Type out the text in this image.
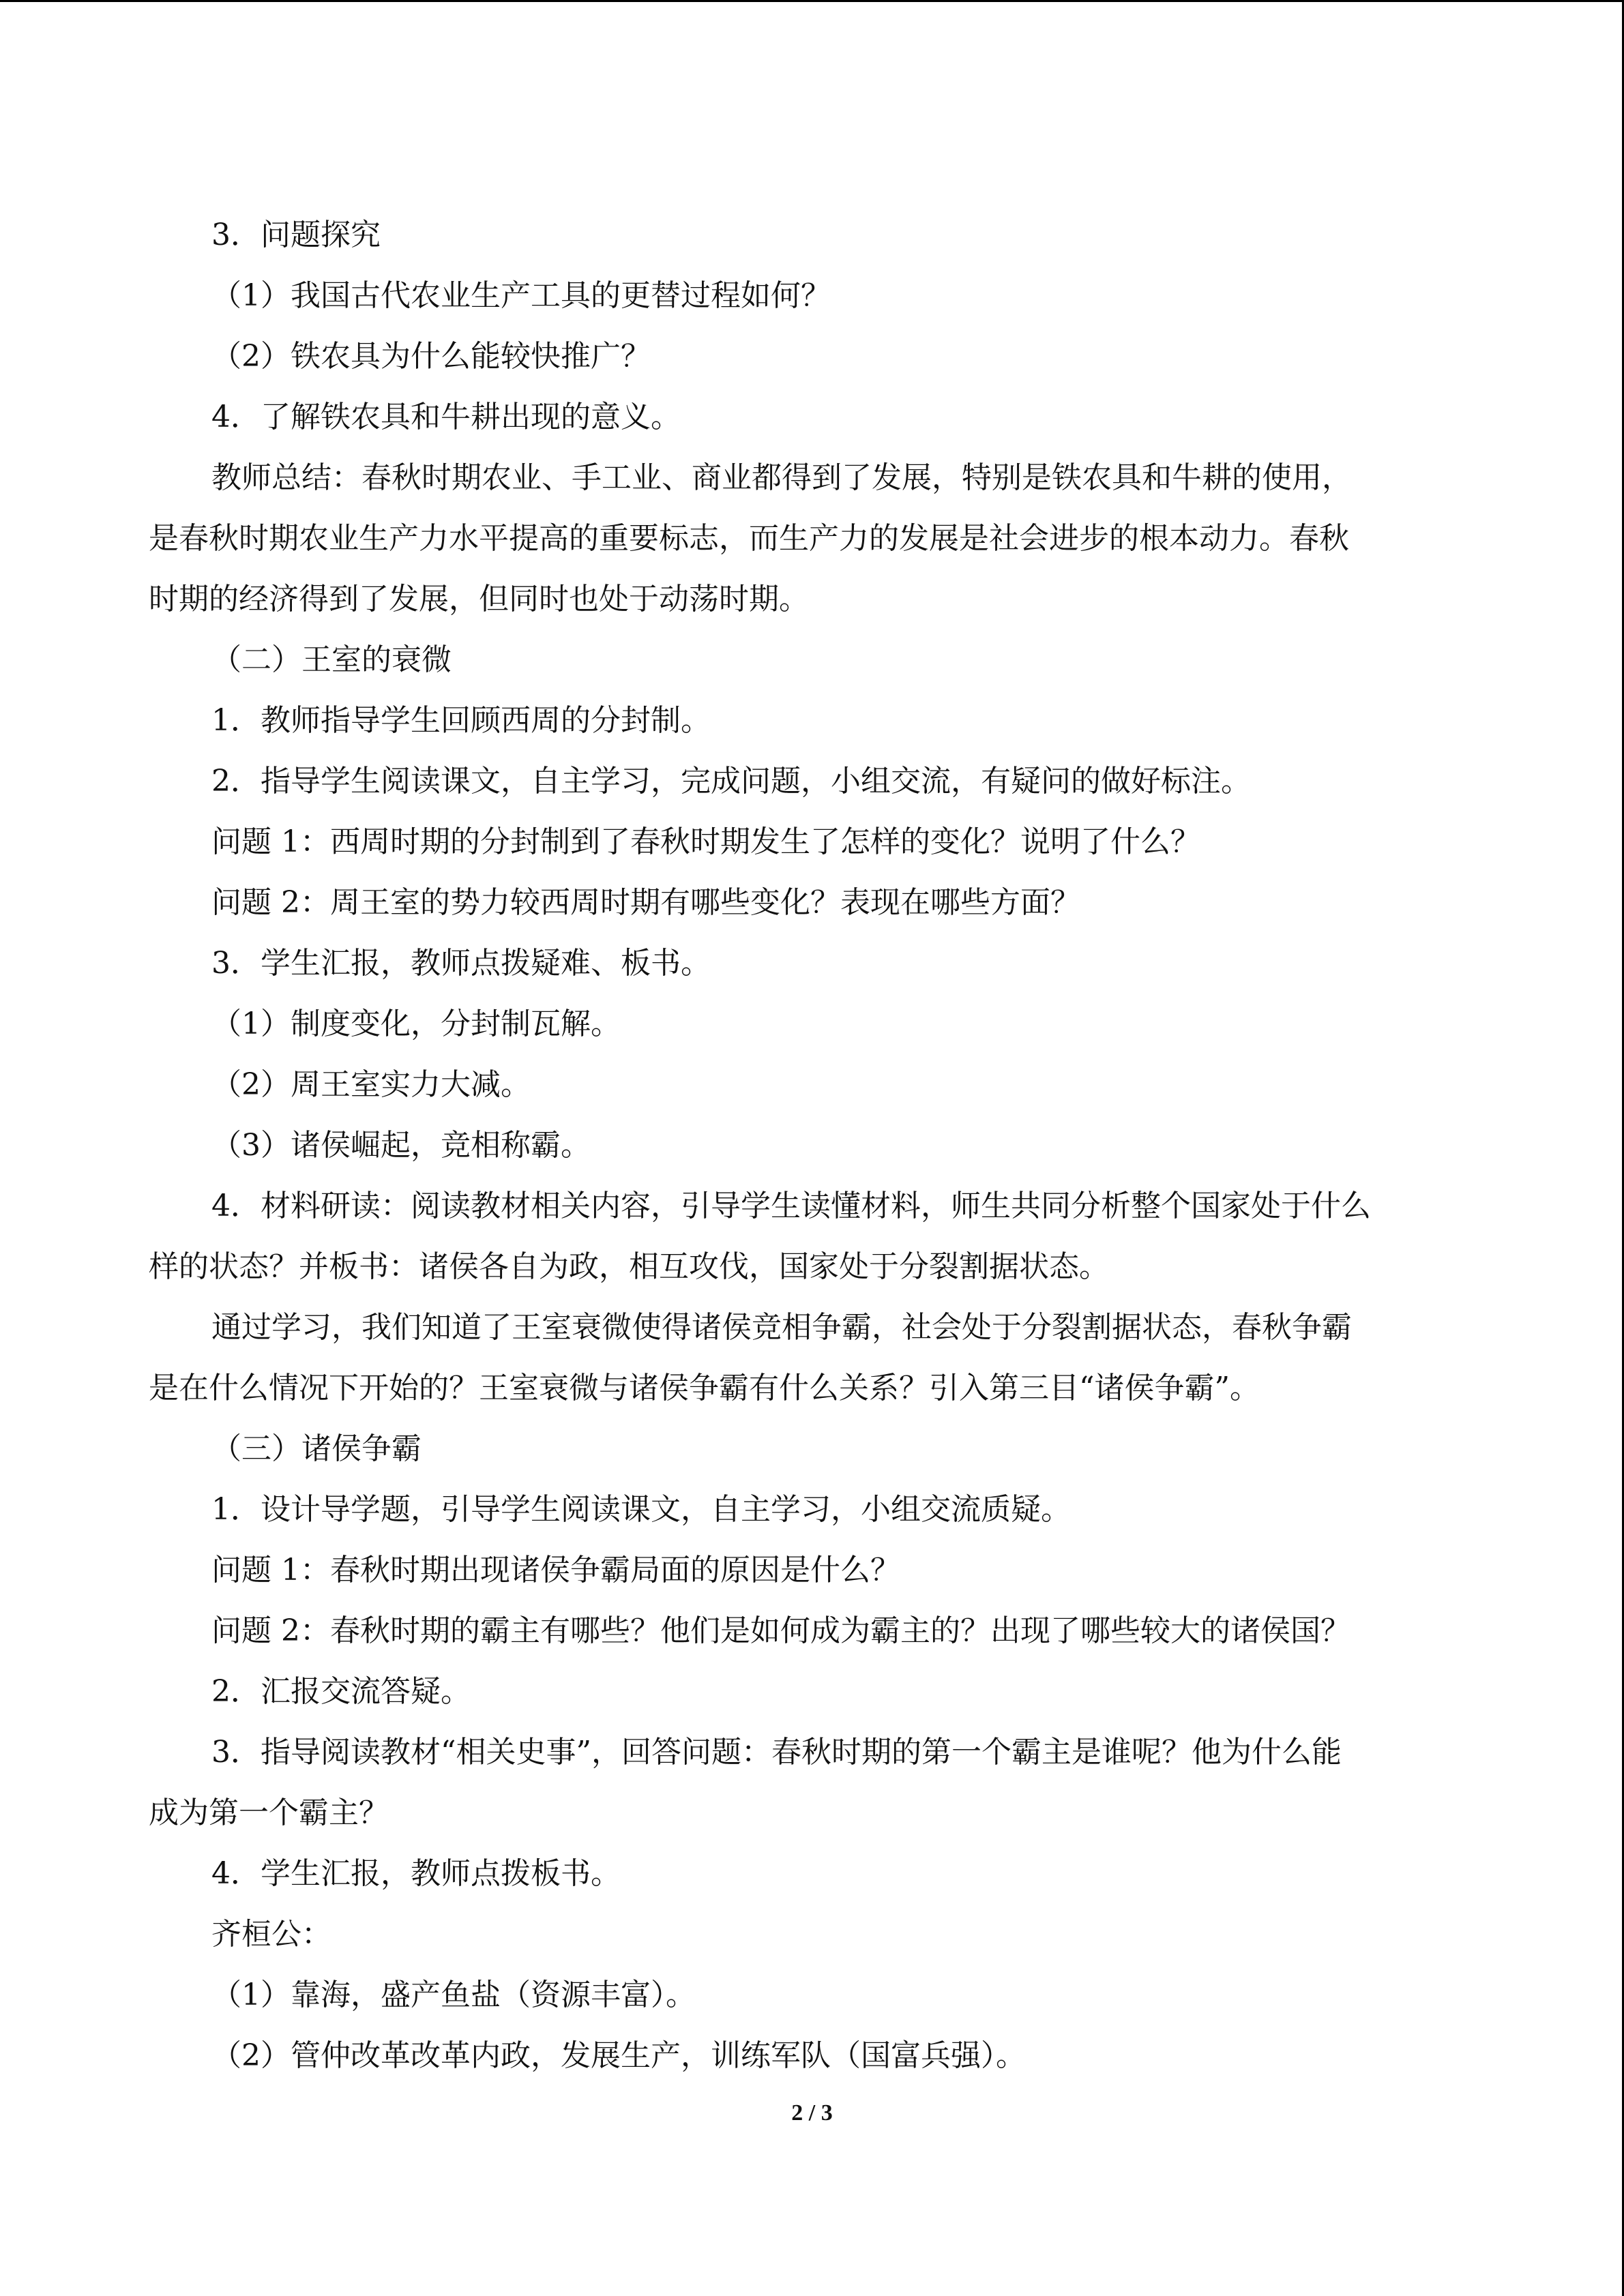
3．问题探究
（1）我国古代农业生产工具的更替过程如何？
（2）铁农具为什么能较快推广？
4．了解铁农具和牛耕出现的意义。
教师总结：春秋时期农业、手工业、商业都得到了发展，特别是铁农具和牛耕的使用，
是春秋时期农业生产力水平提高的重要标志，而生产力的发展是社会进步的根本动力。春秋
时期的经济得到了发展，但同时也处于动荡时期。
（二）王室的衰微
1．教师指导学生回顾西周的分封制。
2．指导学生阅读课文，自主学习，完成问题，小组交流，有疑问的做好标注。
问题 1：西周时期的分封制到了春秋时期发生了怎样的变化？说明了什么？
问题 2：周王室的势力较西周时期有哪些变化？表现在哪些方面？
3．学生汇报，教师点拨疑难、板书。
（1）制度变化，分封制瓦解。
（2）周王室实力大减。
（3）诸侯崛起，竞相称霸。
4．材料研读：阅读教材相关内容，引导学生读懂材料，师生共同分析整个国家处于什么
样的状态？并板书：诸侯各自为政，相互攻伐，国家处于分裂割据状态。
通过学习，我们知道了王室衰微使得诸侯竞相争霸，社会处于分裂割据状态，春秋争霸
是在什么情况下开始的？王室衰微与诸侯争霸有什么关系？引入第三目“诸侯争霸”。
（三）诸侯争霸
1．设计导学题，引导学生阅读课文，自主学习，小组交流质疑。
问题 1：春秋时期出现诸侯争霸局面的原因是什么？
问题 2：春秋时期的霸主有哪些？他们是如何成为霸主的？出现了哪些较大的诸侯国？
2．汇报交流答疑。
3．指导阅读教材“相关史事”，回答问题：春秋时期的第一个霸主是谁呢？他为什么能
成为第一个霸主？
4．学生汇报，教师点拨板书。
齐桓公：
（1）靠海，盛产鱼盐（资源丰富）。
（2）管仲改革改革内政，发展生产，训练军队（国富兵强）。
2 / 3
